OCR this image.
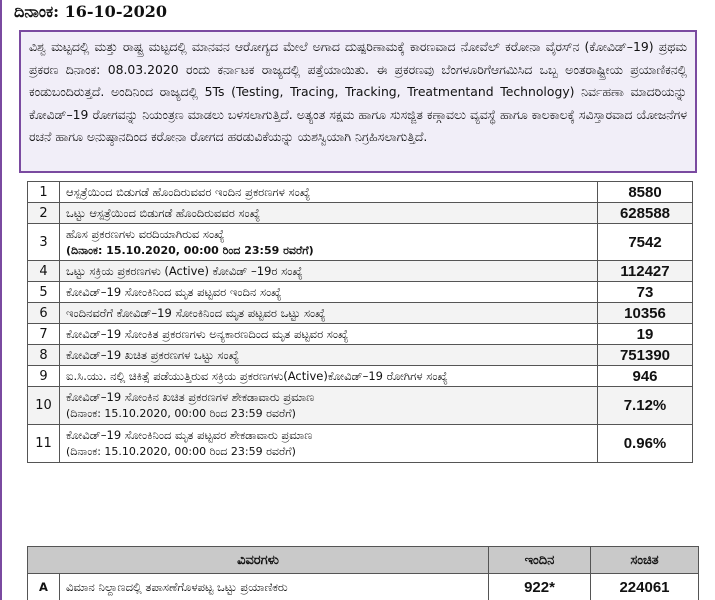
ದಿನಾಂಕ: 16-10-2020
ವಿಶ್ವ ಮಟ್ಟದಲ್ಲಿ ಮತ್ತು ರಾಷ್ಟ್ರ ಮಟ್ಟದಲ್ಲಿ ಮಾನವನ ಆರೋಗ್ಯದ ಮೇಲೆ ಅಗಾದ ದುಷ್ಪರಿಣಾಮಕ್ಕೆ ಕಾರಣವಾದ ನೋವೆಲ್ ಕರೋನಾ ವೈರಸ್‌ನ (ಕೋವಿಡ್–19) ಪ್ರಥಮ ಪ್ರಕರಣ ದಿನಾಂಕ: 08.03.2020 ರಂದು ಕರ್ನಾಟಕ ರಾಜ್ಯದಲ್ಲಿ ಪತ್ತೆಯಾಯಿತು. ಈ ಪ್ರಕರಣವು ಬೆಂಗಳೂರಿಗೆ‌ಆಗಮಿಸಿದ ಒಬ್ಬ ಅಂತರಾಷ್ಟ್ರೀಯ ಪ್ರಯಾಣಿಕನಲ್ಲಿ ಕಂಡುಬಂದಿರುತ್ತದೆ. ಅಂದಿನಿಂದ ರಾಜ್ಯದಲ್ಲಿ 5Ts (Testing, Tracing, Tracking, Treatmentand Technology) ನಿರ್ವಹಣಾ ಮಾದರಿಯನ್ನು ಕೋವಿಡ್–19 ರೋಗವನ್ನು ನಿಯಂತ್ರಣ ಮಾಡಲು ಬಳಸಲಾಗುತ್ತಿದೆ. ಅತ್ಯಂತ ಸಕ್ಷಮ ಹಾಗೂ ಸುಸಜ್ಜಿತ ಕಣ್ಗಾವಲು ವ್ಯವಸ್ಥೆ ಹಾಗೂ ಕಾಲಕಾಲಕ್ಕೆ ಸವಿಸ್ತಾರವಾದ ಯೋಜನೆಗಳ ರಚನೆ ಹಾಗೂ ಅನುಷ್ಠಾನದಿಂದ ಕರೋನಾ ರೋಗದ ಹರಡುವಿಕೆಯನ್ನು ಯಶಸ್ವಿಯಾಗಿ ನಿಗ್ರಹಿಸಲಾಗುತ್ತಿದೆ.
1	ಆಸ್ಪತ್ರೆಯಿಂದ ಬಿಡುಗಡೆ ಹೊಂದಿರುವವರ ಇಂದಿನ ಪ್ರಕರಣಗಳ ಸಂಖ್ಯೆ	8580
2	ಒಟ್ಟು ಆಸ್ಪತ್ರೆಯಿಂದ ಬಿಡುಗಡೆ ಹೊಂದಿರುವವರ ಸಂಖ್ಯೆ	628588
3	ಹೊಸ ಪ್ರಕರಣಗಳು ವರದಿಯಾಗಿರುವ ಸಂಖ್ಯೆ
(ದಿನಾಂಕ: 15.10.2020, 00:00 ರಿಂದ 23:59 ರವರೆಗೆ)	7542
4	ಒಟ್ಟು ಸಕ್ರಿಯ ಪ್ರಕರಣಗಳು (Active) ಕೋವಿಡ್ –19ರ ಸಂಖ್ಯೆ	112427
5	ಕೋವಿಡ್–19 ಸೋಂಕಿನಿಂದ ಮೃತ ಪಟ್ಟವರ ಇಂದಿನ ಸಂಖ್ಯೆ	73
6	ಇಂದಿನವರೆಗೆ ಕೋವಿಡ್–19 ಸೋಂಕಿನಿಂದ ಮೃತ ಪಟ್ಟವರ ಒಟ್ಟು ಸಂಖ್ಯೆ	10356
7	ಕೋವಿಡ್–19 ಸೋಂಕಿತ ಪ್ರಕರಣಗಳು ಅನ್ಯಕಾರಣದಿಂದ ಮೃತ ಪಟ್ಟವರ ಸಂಖ್ಯೆ	19
8	ಕೋವಿಡ್–19 ಖಚಿತ ಪ್ರಕರಣಗಳ ಒಟ್ಟು ಸಂಖ್ಯೆ	751390
9	ಐ.ಸಿ.ಯು. ನಲ್ಲಿ ಚಿಕಿತ್ಸೆ ಪಡೆಯುತ್ತಿರುವ ಸಕ್ರಿಯ ಪ್ರಕರಣಗಳು(Active)ಕೋವಿಡ್–19 ರೋಗಿಗಳ ಸಂಖ್ಯೆ	946
10	ಕೋವಿಡ್–19 ಸೋಂಕಿನ ಖಚಿತ ಪ್ರಕರಣಗಳ ಶೇಕಡಾವಾರು ಪ್ರಮಾಣ
(ದಿನಾಂಕ: 15.10.2020, 00:00 ರಿಂದ 23:59 ರವರೆಗೆ)	7.12%
11	ಕೋವಿಡ್–19 ಸೋಂಕಿನಿಂದ ಮೃತ ಪಟ್ಟವರ ಶೇಕಡಾವಾರು ಪ್ರಮಾಣ
(ದಿನಾಂಕ: 15.10.2020, 00:00 ರಿಂದ 23:59 ರವರೆಗೆ)	0.96%
ವಿವರಗಳು		ಇಂದಿನ	ಸಂಚಿತ
A	ವಿಮಾನ ನಿಲ್ದಾಣದಲ್ಲಿ ತಪಾಸಣೆಗೊಳಪಟ್ಟ ಒಟ್ಟು ಪ್ರಯಾಣಿಕರು	922*	224061
